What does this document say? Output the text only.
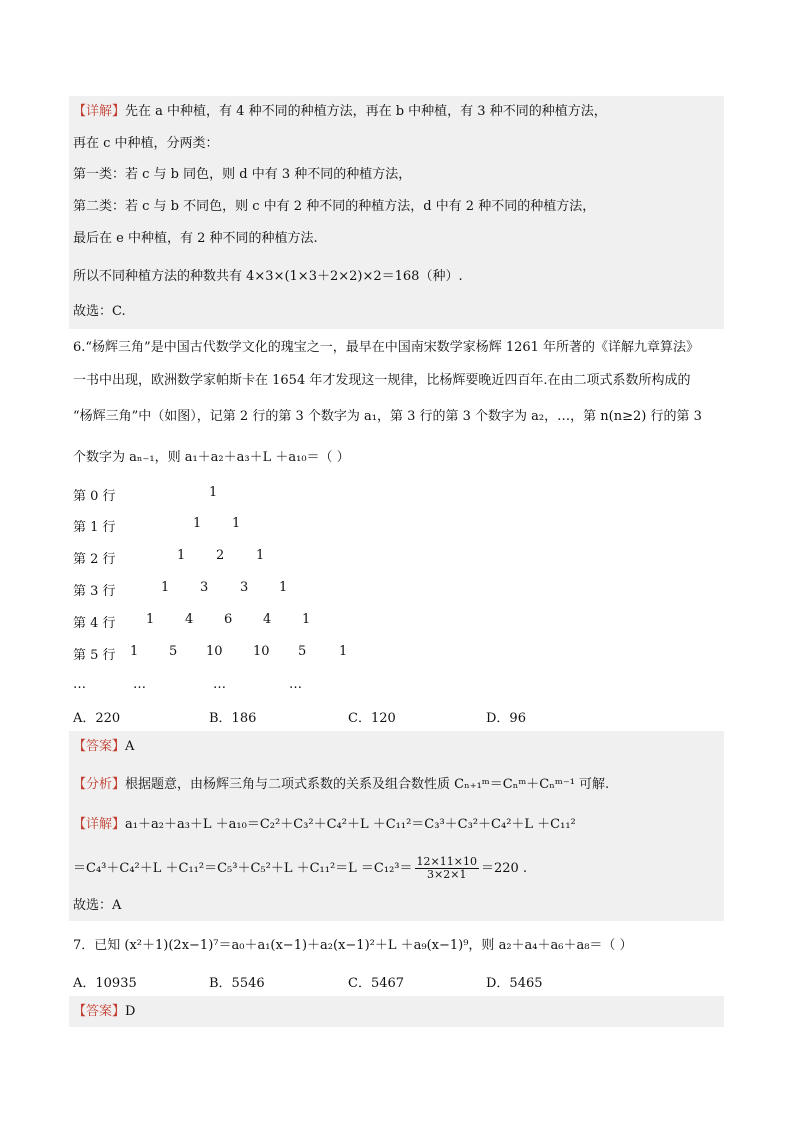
【详解】先在 a 中种植，有 4 种不同的种植方法，再在 b 中种植，有 3 种不同的种植方法，
再在 c 中种植，分两类：
第一类：若 c 与 b 同色，则 d 中有 3 种不同的种植方法，
第二类：若 c 与 b 不同色，则 c 中有 2 种不同的种植方法，d 中有 2 种不同的种植方法，
最后在 e 中种植，有 2 种不同的种植方法.
所以不同种植方法的种数共有 4×3×(1×3＋2×2)×2＝168（种）.
故选：C.
6.“杨辉三角”是中国古代数学文化的瑰宝之一，最早在中国南宋数学家杨辉 1261 年所著的《详解九章算法》
一书中出现，欧洲数学家帕斯卡在 1654 年才发现这一规律，比杨辉要晚近四百年.在由二项式系数所构成的
“杨辉三角”中（如图），记第 2 行的第 3 个数字为 a₁，第 3 行的第 3 个数字为 a₂，…，第 n(n≥2) 行的第 3
个数字为 aₙ₋₁，则 a₁＋a₂＋a₃＋L ＋a₁₀＝（ ）
第 0 行	1
第 1 行	1 1
第 2 行	1 2 1
第 3 行	1 3 3 1
第 4 行 1 4 6 4 1
第 5 行 1 5 10 10 5	1
…	…	…	…
A．220	B．186	C．120	D．96
【答案】A
【分析】根据题意，由杨辉三角与二项式系数的关系及组合数性质 Cₙ₊₁ᵐ＝Cₙᵐ＋Cₙᵐ⁻¹ 可解.
【详解】a₁＋a₂＋a₃＋L ＋a₁₀＝C₂²＋C₃²＋C₄²＋L ＋C₁₁²＝C₃³＋C₃²＋C₄²＋L ＋C₁₁²
$=C_4^3+C_4^2+L +C_{11}^2=C_5^3+C_5^2+L +C_{11}^2=L =C_{12}^3= \frac{12\times 11\times 10}{3\times 2\times 1} =220$ .
故选：A
7．已知 (x²＋1)(2x−1)⁷＝a₀＋a₁(x−1)＋a₂(x−1)²＋L ＋a₉(x−1)⁹，则 a₂＋a₄＋a₆＋a₈＝（ ）
A．10935	B．5546	C．5467	D．5465
【答案】D
